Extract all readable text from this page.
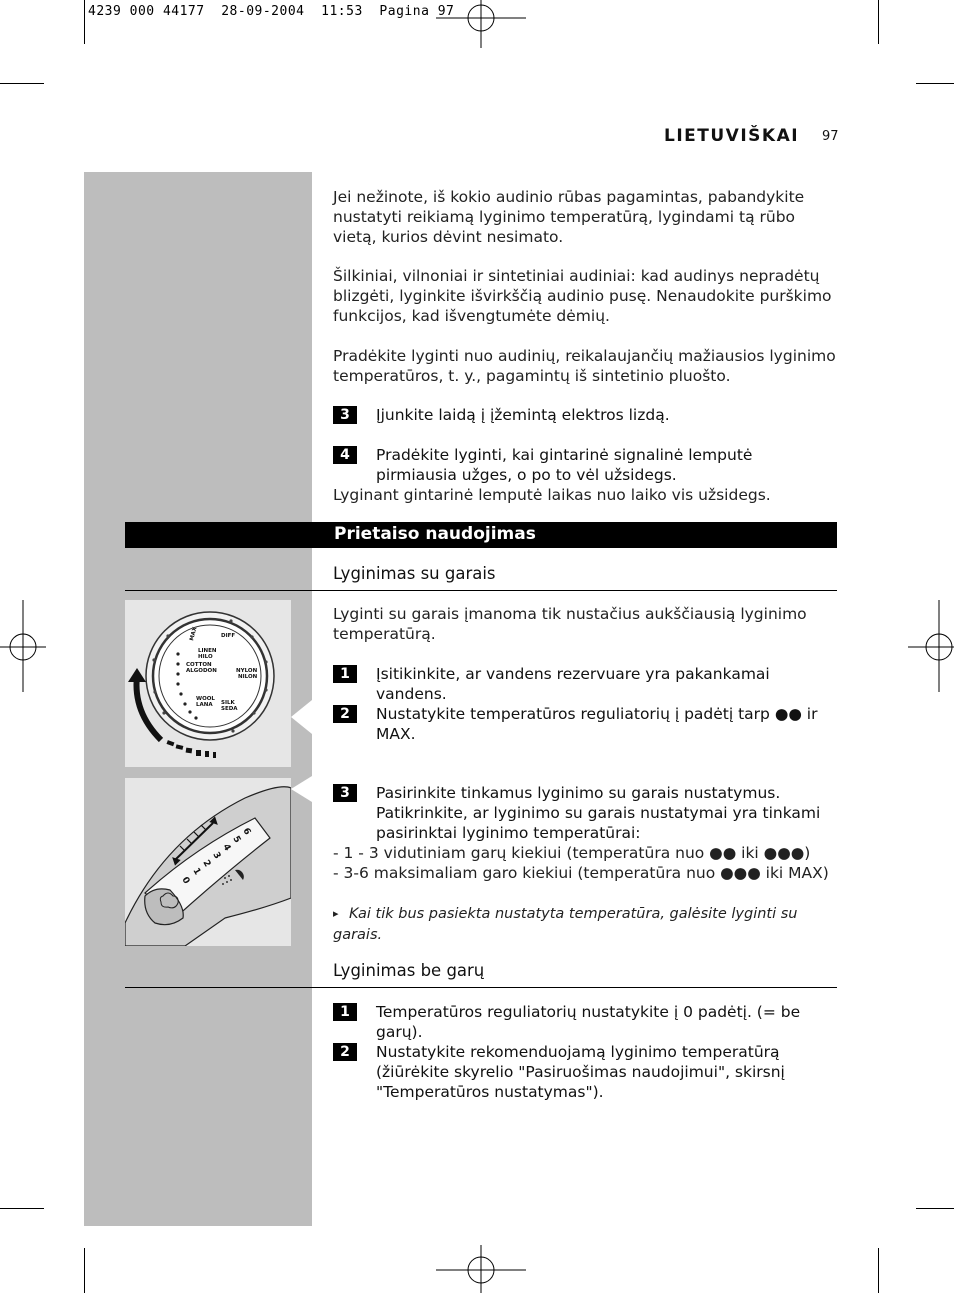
4239 000 44177  28-09-2004  11:53  Pagina 97
LIETUVIŠKAI 97
Jei nežinote, iš kokio audinio rūbas pagamintas, pabandykite nustatyti reikiamą lyginimo temperatūrą, lygindami tą rūbo vietą, kurios dėvint nesimato.
Šilkiniai, vilnoniai ir sintetiniai audiniai: kad audinys nepradėtų blizgėti, lyginkite išvirkščią audinio pusę. Nenaudokite purškimo funkcijos, kad išvengtumėte dėmių.
Pradėkite lyginti nuo audinių, reikalaujančių mažiausios lyginimo temperatūros, t. y., pagamintų iš sintetinio pluošto.
3	Įjunkite laidą į įžemintą elektros lizdą.
4	Pradėkite lyginti, kai gintarinė signalinė lemputė pirmiausia užges, o po to vėl užsidegs.
Lyginant gintarinė lemputė laikas nuo laiko vis užsidegs.
Prietaiso naudojimas
Lyginimas su garais
MAX	DIFF
LINEN
HILO
COTTON
ALGODON	NYLON
NILON
WOOL
LANA SILK
SEDA
6
5
4
3
2
1
0
Lyginti su garais įmanoma tik nustačius aukščiausią lyginimo temperatūrą.
1	Įsitikinkite, ar vandens rezervuare yra pakankamai vandens.
2	Nustatykite temperatūros reguliatorių į padėtį tarp ●● ir MAX.
3	Pasirinkite tinkamus lyginimo su garais nustatymus. Patikrinkite, ar lyginimo su garais nustatymai yra tinkami pasirinktai lyginimo temperatūrai:
- 1 - 3 vidutiniam garų kiekiui (temperatūra nuo ●● iki ●●●)
- 3-6 maksimaliam garo kiekiui (temperatūra nuo ●●● iki MAX)
▸ Kai tik bus pasiekta nustatyta temperatūra, galėsite lyginti su garais.
Lyginimas be garų
1	Temperatūros reguliatorių nustatykite į 0 padėtį. (= be garų).
2	Nustatykite rekomenduojamą lyginimo temperatūrą (žiūrėkite skyrelio "Pasiruošimas naudojimui", skirsnį "Temperatūros nustatymas").
